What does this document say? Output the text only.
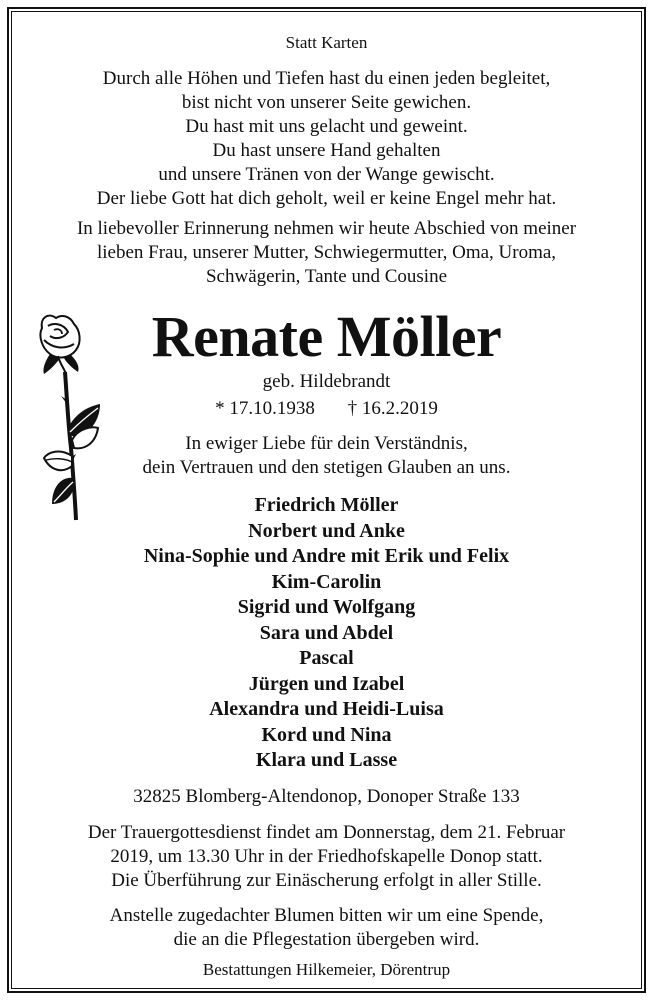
Statt Karten
Durch alle Höhen und Tiefen hast du einen jeden begleitet,
bist nicht von unserer Seite gewichen.
Du hast mit uns gelacht und geweint.
Du hast unsere Hand gehalten
und unsere Tränen von der Wange gewischt.
Der liebe Gott hat dich geholt, weil er keine Engel mehr hat.
In liebevoller Erinnerung nehmen wir heute Abschied von meiner
lieben Frau, unserer Mutter, Schwiegermutter, Oma, Uroma,
Schwägerin, Tante und Cousine
Renate Möller
geb. Hildebrandt
* 17.10.1938 † 16.2.2019
In ewiger Liebe für dein Verständnis,
dein Vertrauen und den stetigen Glauben an uns.
Friedrich Möller
Norbert und Anke
Nina-Sophie und Andre mit Erik und Felix
Kim-Carolin
Sigrid und Wolfgang
Sara und Abdel
Pascal
Jürgen und Izabel
Alexandra und Heidi-Luisa
Kord und Nina
Klara und Lasse
32825 Blomberg-Altendonop, Donoper Straße 133
Der Trauergottesdienst findet am Donnerstag, dem 21. Februar
2019, um 13.30 Uhr in der Friedhofskapelle Donop statt.
Die Überführung zur Einäscherung erfolgt in aller Stille.
Anstelle zugedachter Blumen bitten wir um eine Spende,
die an die Pflegestation übergeben wird.
Bestattungen Hilkemeier, Dörentrup
